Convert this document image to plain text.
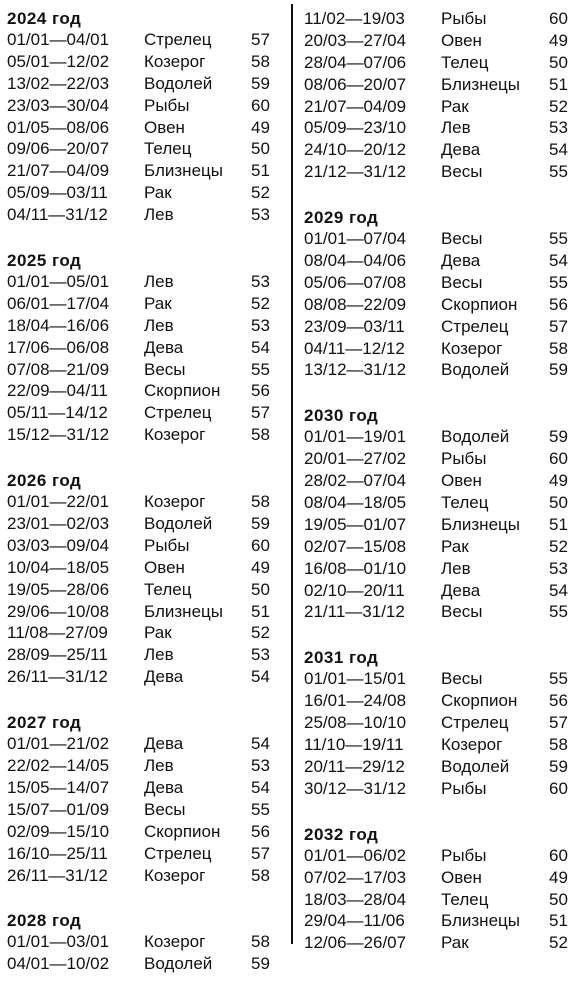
2024 год
01/01—04/01 Стрелец 57
05/01—12/02 Козерог	58
13/02—22/03 Водолей 59
23/03—30/04 Рыбы	60
01/05—08/06 Овен	49
09/06—20/07 Телец	50
21/07—04/09 Близнецы 51
05/09—03/11 Рак	52
04/11—31/12 Лев	53
2025 год
01/01—05/01 Лев	53
06/01—17/04 Рак	52
18/04—16/06 Лев	53
17/06—06/08 Дева	54
07/08—21/09 Весы	55
22/09—04/11 Скорпион 56
05/11—14/12 Стрелец 57
15/12—31/12 Козерог	58
2026 год
01/01—22/01 Козерог	58
23/01—02/03 Водолей 59
03/03—09/04 Рыбы	60
10/04—18/05 Овен	49
19/05—28/06 Телец	50
29/06—10/08 Близнецы 51
11/08—27/09 Рак	52
28/09—25/11 Лев	53
26/11—31/12 Дева	54
2027 год
01/01—21/02 Дева	54
22/02—14/05 Лев	53
15/05—14/07 Дева	54
15/07—01/09 Весы	55
02/09—15/10 Скорпион 56
16/10—25/11 Стрелец 57
26/11—31/12 Козерог	58
2028 год
01/01—03/01 Козерог	58
04/01—10/02 Водолей 59
11/02—19/03 Рыбы	60
20/03—27/04 Овен	49
28/04—07/06 Телец	50
08/06—20/07 Близнецы 51
21/07—04/09 Рак	52
05/09—23/10 Лев	53
24/10—20/12 Дева	54
21/12—31/12 Весы	55
2029 год
01/01—07/04 Весы	55
08/04—04/06 Дева	54
05/06—07/08 Весы	55
08/08—22/09 Скорпион 56
23/09—03/11 Стрелец 57
04/11—12/12 Козерог	58
13/12—31/12 Водолей 59
2030 год
01/01—19/01 Водолей 59
20/01—27/02 Рыбы	60
28/02—07/04 Овен	49
08/04—18/05 Телец	50
19/05—01/07 Близнецы 51
02/07—15/08 Рак	52
16/08—01/10 Лев	53
02/10—20/11 Дева	54
21/11—31/12 Весы	55
2031 год
01/01—15/01 Весы	55
16/01—24/08 Скорпион 56
25/08—10/10 Стрелец 57
11/10—19/11 Козерог	58
20/11—29/12 Водолей 59
30/12—31/12 Рыбы	60
2032 год
01/01—06/02 Рыбы	60
07/02—17/03 Овен	49
18/03—28/04 Телец	50
29/04—11/06 Близнецы 51
12/06—26/07 Рак	52
